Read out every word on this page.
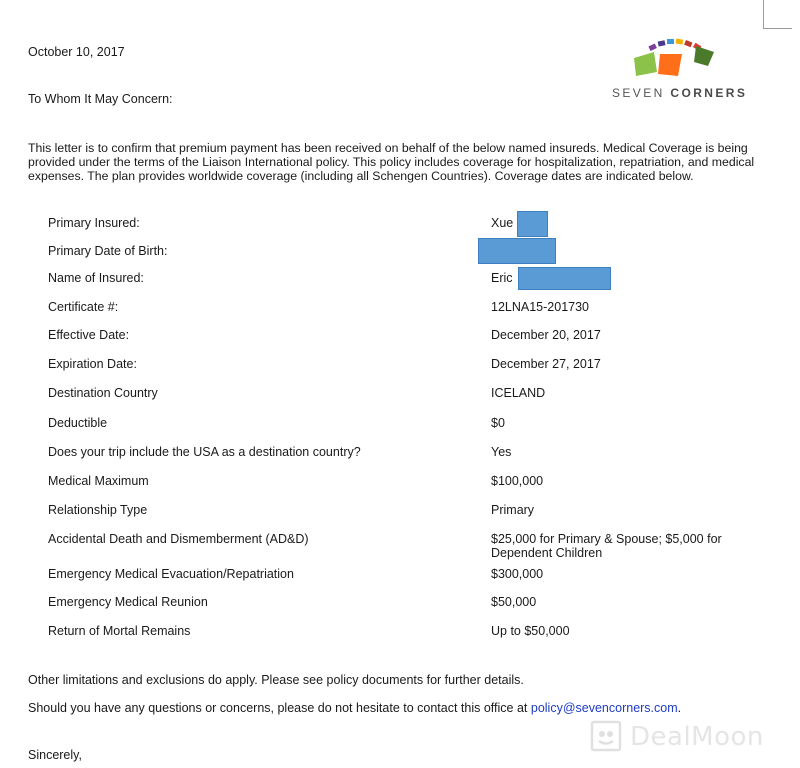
October 10, 2017
To Whom It May Concern:	SEVEN CORNERS
This letter is to confirm that premium payment has been received on behalf of the below named insureds. Medical Coverage is being provided under the terms of the Liaison International policy. This policy includes coverage for hospitalization, repatriation, and medical expenses. The plan provides worldwide coverage (including all Schengen Countries). Coverage dates are indicated below.
Primary Insured:	Xue
Primary Date of Birth:
Name of Insured:	Eric
Certificate #:	12LNA15-201730
Effective Date:	December 20, 2017
Expiration Date:	December 27, 2017
Destination Country	ICELAND
Deductible	$0
Does your trip include the USA as a destination country?	Yes
Medical Maximum	$100,000
Relationship Type	Primary
Accidental Death and Dismemberment (AD&D)	$25,000 for Primary & Spouse; $5,000 for Dependent Children
Emergency Medical Evacuation/Repatriation	$300,000
Emergency Medical Reunion	$50,000
Return of Mortal Remains	Up to $50,000
Other limitations and exclusions do apply. Please see policy documents for further details.
Should you have any questions or concerns, please do not hesitate to contact this office at policy@sevencorners.com.
Sincerely,
DealMoon
